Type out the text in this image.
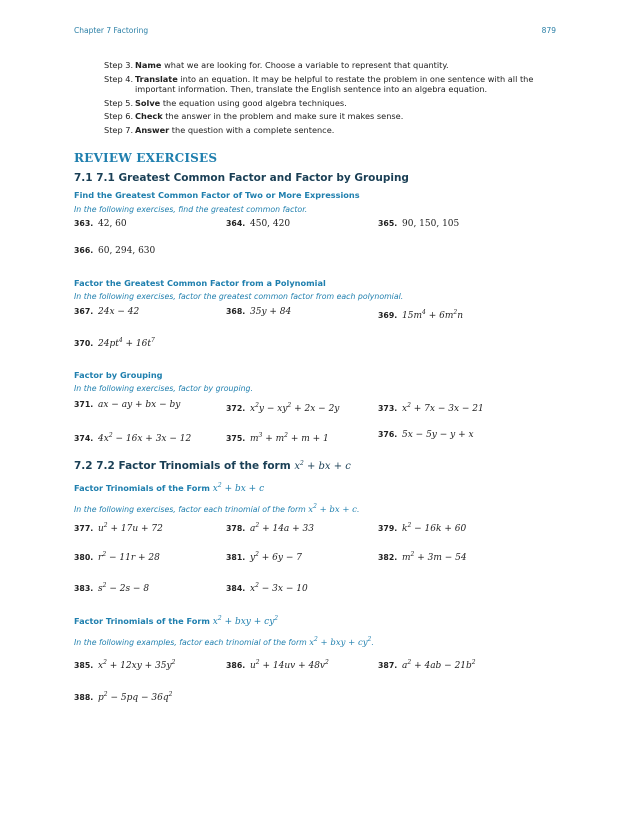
Chapter 7 Factoring	879
Step 3. Name what we are looking for. Choose a variable to represent that quantity.
Step 4. Translate into an equation. It may be helpful to restate the problem in one sentence with all the important information. Then, translate the English sentence into an algebra equation.
Step 5. Solve the equation using good algebra techniques.
Step 6. Check the answer in the problem and make sure it makes sense.
Step 7. Answer the question with a complete sentence.
REVIEW EXERCISES
7.1 7.1 Greatest Common Factor and Factor by Grouping
Find the Greatest Common Factor of Two or More Expressions
In the following exercises, find the greatest common factor.
363. 42, 60	364. 450, 420	365. 90, 150, 105
366. 60, 294, 630
Factor the Greatest Common Factor from a Polynomial
In the following exercises, factor the greatest common factor from each polynomial.
367. 24x − 42	368. 35y + 84	369. $15m^4 + 6m^2n$
370. $24pt^4 + 16t^7$
Factor by Grouping
In the following exercises, factor by grouping.
371. ax − ay + bx − by	372. $x^2y - xy^2 + 2x - 2y$	373. $x^2 + 7x - 3x - 21$
374. $4x^2 - 16x + 3x - 12$	375. $m^3 + m^2 + m + 1$	376. 5x − 5y − y + x
7.2 7.2 Factor Trinomials of the form $x^2$ + bx + c
Factor Trinomials of the Form $x^2$ + bx + c
In the following exercises, factor each trinomial of the form $x^2$ + bx + c.
377. $u^2 + 17u + 72$	378. $a^2 + 14a + 33$	379. $k^2 - 16k + 60$
380. $r^2 - 11r + 28$	381. $y^2 + 6y - 7$	382. $m^2 + 3m - 54$
383. $s^2 - 2s - 8$	384. $x^2 - 3x - 10$
Factor Trinomials of the Form $x^2$ + bxy + $cy^2$
In the following examples, factor each trinomial of the form $x^2$ + bxy + $cy^2$.
385. $x^2 + 12xy + 35y^2$	386. $u^2 + 14uv + 48v^2$	387. $a^2 + 4ab - 21b^2$
388. $p^2 - 5pq - 36q^2$
